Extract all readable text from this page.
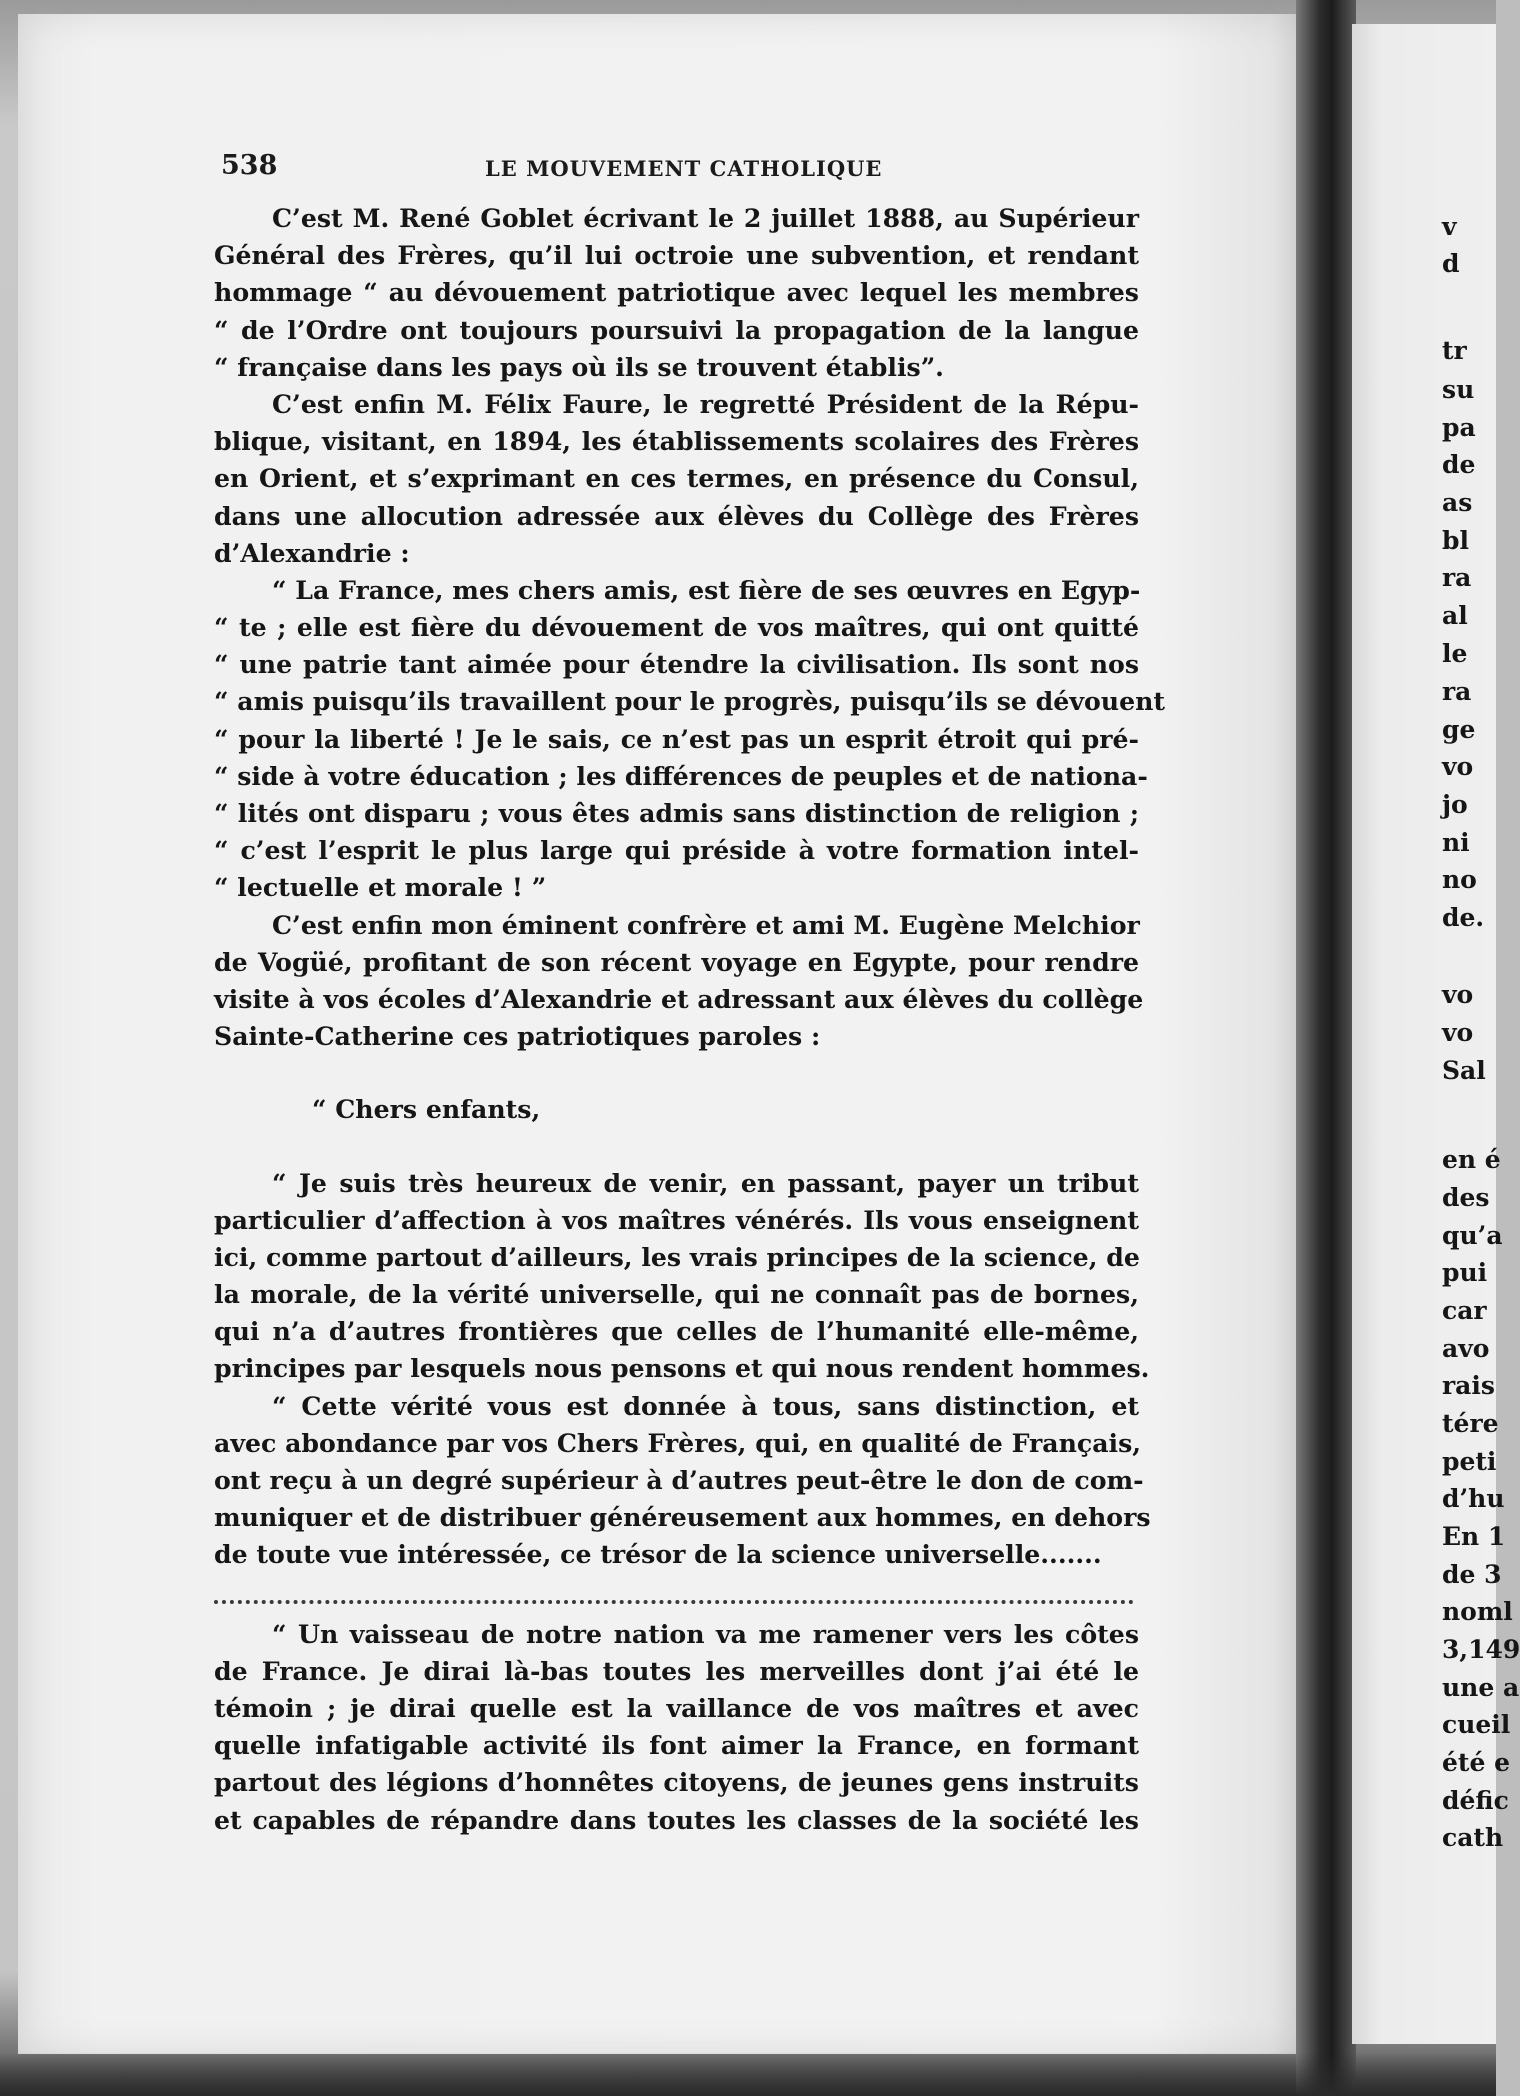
538	LE MOUVEMENT CATHOLIQUE
C’est M. René Goblet écrivant le 2 juillet 1888, au Supérieur
Général des Frères, qu’il lui octroie une subvention, et rendant
hommage “ au dévouement patriotique avec lequel les membres
“ de l’Ordre ont toujours poursuivi la propagation de la langue
“ française dans les pays où ils se trouvent établis”.
C’est enfin M. Félix Faure, le regretté Président de la Répu-
blique, visitant, en 1894, les établissements scolaires des Frères
en Orient, et s’exprimant en ces termes, en présence du Consul,
dans une allocution adressée aux élèves du Collège des Frères
d’Alexandrie :
“ La France, mes chers amis, est fière de ses œuvres en Egyp-
“ te ; elle est fière du dévouement de vos maîtres, qui ont quitté
“ une patrie tant aimée pour étendre la civilisation. Ils sont nos
“ amis puisqu’ils travaillent pour le progrès, puisqu’ils se dévouent
“ pour la liberté ! Je le sais, ce n’est pas un esprit étroit qui pré-
“ side à votre éducation ; les différences de peuples et de nationa-
“ lités ont disparu ; vous êtes admis sans distinction de religion ;
“ c’est l’esprit le plus large qui préside à votre formation intel-
“ lectuelle et morale ! ”
C’est enfin mon éminent confrère et ami M. Eugène Melchior
de Vogüé, profitant de son récent voyage en Egypte, pour rendre
visite à vos écoles d’Alexandrie et adressant aux élèves du collège
Sainte-Catherine ces patriotiques paroles :
“ Chers enfants,
“ Je suis très heureux de venir, en passant, payer un tribut
particulier d’affection à vos maîtres vénérés. Ils vous enseignent
ici, comme partout d’ailleurs, les vrais principes de la science, de
la morale, de la vérité universelle, qui ne connaît pas de bornes,
qui n’a d’autres frontières que celles de l’humanité elle-même,
principes par lesquels nous pensons et qui nous rendent hommes.
“ Cette vérité vous est donnée à tous, sans distinction, et
avec abondance par vos Chers Frères, qui, en qualité de Français,
ont reçu à un degré supérieur à d’autres peut-être le don de com-
muniquer et de distribuer généreusement aux hommes, en dehors
de toute vue intéressée, ce trésor de la science universelle.......
“ Un vaisseau de notre nation va me ramener vers les côtes
de France. Je dirai là-bas toutes les merveilles dont j’ai été le
témoin ; je dirai quelle est la vaillance de vos maîtres et avec
quelle infatigable activité ils font aimer la France, en formant
partout des légions d’honnêtes citoyens, de jeunes gens instruits
et capables de répandre dans toutes les classes de la société les
v
d
tr
su
pa
de
as
bl
ra
al
le
ra
ge
vo
jo
ni
no
de.
vo
vo
Sal
en é
des
qu’a
pui
car
avo
rais
tére
peti
d’hu
En 1
de 3
noml
3,149
une a
cueil
été e
défic
cath
